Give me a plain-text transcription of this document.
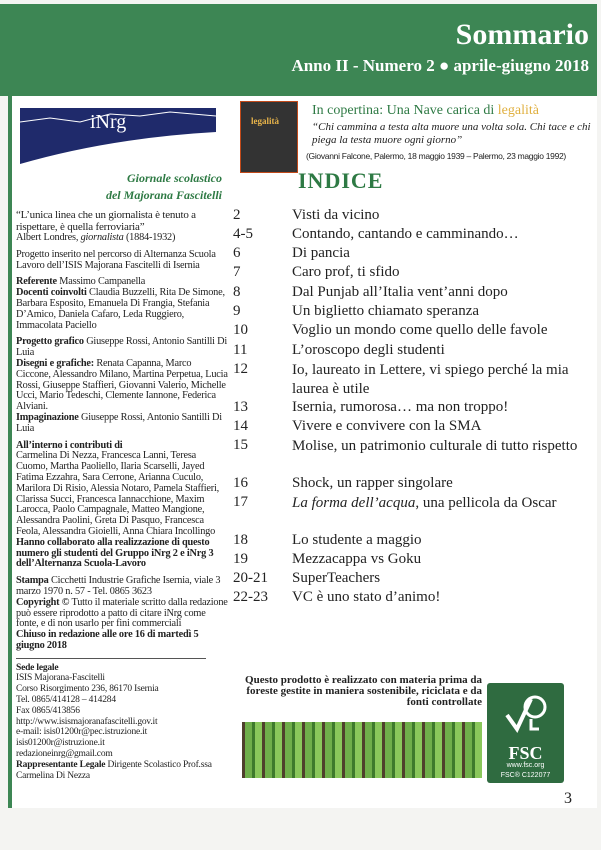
Sommario
Anno II - Numero 2 ● aprile-giugno 2018
iNrg
Giornale scolastico
del Majorana Fascitelli
“L’unica linea che un giornalista è tenuto a rispettare, è quella ferroviaria”
Albert Londres, giornalista (1884-1932)
Progetto inserito nel percorso di Alternanza Scuola Lavoro dell’ISIS Majorana Fascitelli di Isernia
Referente Massimo Campanella
Docenti coinvolti Claudia Buzzelli, Rita De Simone, Barbara Esposito, Emanuela Di Frangia, Stefania D’Amico, Daniela Cafaro, Leda Ruggiero, Immacolata Paciello
Progetto grafico Giuseppe Rossi, Antonio Santilli Di Luia
Disegni e grafiche: Renata Capanna, Marco Ciccone, Alessandro Milano, Martina Perpetua, Lucia Rossi, Giuseppe Staffieri, Giovanni Valerio, Michelle Ucci, Mario Tedeschi, Clemente Iannone, Federica Alviani.
Impaginazione Giuseppe Rossi, Antonio Santilli Di Luia
All’interno i contributi di
Carmelina Di Nezza, Francesca Lanni, Teresa Cuomo, Martha Paoliello, Ilaria Scarselli, Jayed Fatima Ezzahra, Sara Cerrone, Arianna Cuculo, Marilora Di Risio, Alessia Notaro, Pamela Staffieri, Clarissa Succi, Francesca Iannacchione, Maxim Larocca, Paolo Campagnale, Matteo Mangione, Alessandra Paolini, Greta Di Pasquo, Francesca Feola, Alessandra Gioielli, Anna Chiara Incollingo
Hanno collaborato alla realizzazione di questo numero gli studenti del Gruppo iNrg 2 e iNrg 3 dell’Alternanza Scuola-Lavoro
Stampa Cicchetti Industrie Grafiche Isernia, viale 3 marzo 1970 n. 57 - Tel. 0865 3623
Copyright © Tutto il materiale scritto dalla redazione può essere riprodotto a patto di citare iNrg come fonte, e di non usarlo per fini commerciali
Chiuso in redazione alle ore 16 di martedì 5 giugno 2018
Sede legale
ISIS Majorana-Fascitelli
Corso Risorgimento 236, 86170 Isernia
Tel. 0865/414128 – 414284
Fax 0865/413856
http://www.isismajoranafascitelli.gov.it
e-mail: isis01200r@pec.istruzione.it
isis01200r@istruzione.it
redazioneinrg@gmail.com
Rappresentante Legale Dirigente Scolastico Prof.ssa Carmelina Di Nezza
legalità
In copertina: Una Nave carica di legalità
“Chi cammina a testa alta muore una volta sola. Chi tace e chi piega la testa muore ogni giorno”
(Giovanni Falcone, Palermo, 18 maggio 1939 – Palermo, 23 maggio 1992)
INDICE
2	Visti da vicino
4-5	Contando, cantando e camminando…
6	Di pancia
7	Caro prof, ti sfido
8	Dal Punjab all’Italia vent’anni dopo
9	Un biglietto chiamato speranza
10	Voglio un mondo come quello delle favole
11	L’oroscopo degli studenti
12	Io, laureato in Lettere, vi spiego perché la mia laurea è utile
13	Isernia, rumorosa… ma non troppo!
14	Vivere e convivere con la SMA
15	Molise, un patrimonio culturale di tutto rispetto
16	Shock, un rapper singolare
17	La forma dell’acqua, una pellicola da Oscar
18	Lo studente a maggio
19	Mezzacappa vs Goku
20-21	SuperTeachers
22-23	VC è uno stato d’animo!
Questo prodotto è realizzato con materia prima da foreste gestite in maniera sostenibile, riciclata e da fonti controllate
FSC
www.fsc.org
FSC® C122077
3
